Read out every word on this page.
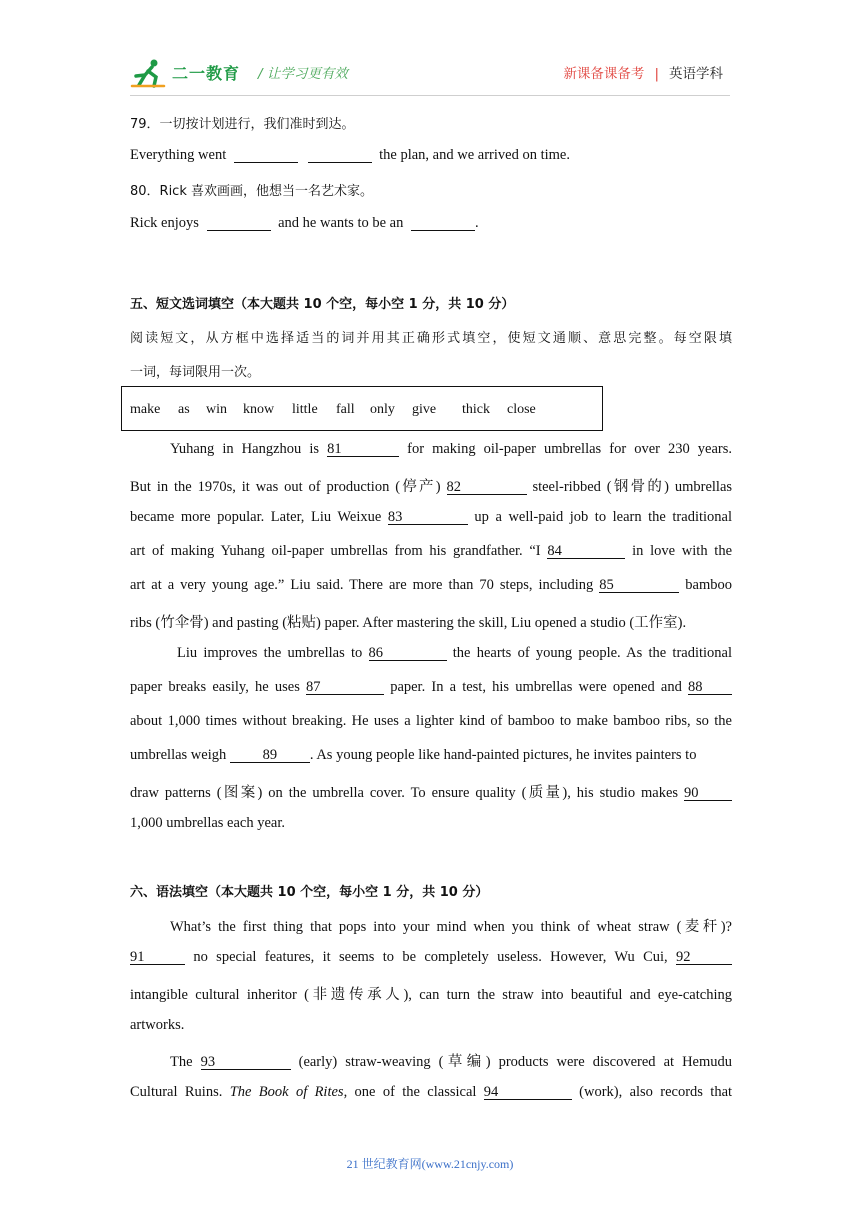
二一教育 / 让学习更有效	新课备课备考 | 英语学科
79．一切按计划进行，我们准时到达。
Everything went	the plan, and we arrived on time.
80．Rick 喜欢画画，他想当一名艺术家。
Rick enjoys	and he wants to be an	.
五、短文选词填空（本大题共 10 个空，每小空 1 分，共 10 分）
阅读短文，从方框中选择适当的词并用其正确形式填空，使短文通顺、意思完整。每空限填
一词，每词限用一次。
make as win know little fall only give thick close
Yuhang in Hangzhou is 81	for making oil-paper umbrellas for over 230 years.
But in the 1970s, it was out of production (停产) 82	steel-ribbed (钢骨的) umbrellas
became more popular. Later, Liu Weixue 83	up a well-paid job to learn the traditional
art of making Yuhang oil-paper umbrellas from his grandfather. “I 84	in love with the
art at a very young age.” Liu said. There are more than 70 steps, including 85	bamboo
ribs (竹伞骨) and pasting (粘贴) paper. After mastering the skill, Liu opened a studio (工作室).
Liu improves the umbrellas to 86	the hearts of young people. As the traditional
paper breaks easily, he uses 87	paper. In a test, his umbrellas were opened and 88
about 1,000 times without breaking. He uses a lighter kind of bamboo to make bamboo ribs, so the
umbrellas weigh	89 . As young people like hand-painted pictures, he invites painters to
draw patterns (图案) on the umbrella cover. To ensure quality (质量), his studio makes 90
1,000 umbrellas each year.
六、语法填空（本大题共 10 个空，每小空 1 分，共 10 分）
What’s the first thing that pops into your mind when you think of wheat straw (麦秆)?
91	no special features, it seems to be completely useless. However, Wu Cui, 92
intangible cultural inheritor (非遗传承人), can turn the straw into beautiful and eye-catching
artworks.
The 93	(early) straw-weaving (草编) products were discovered at Hemudu
Cultural Ruins. The Book of Rites, one of the classical 94	(work), also records that
21 世纪教育网(www.21cnjy.com)
